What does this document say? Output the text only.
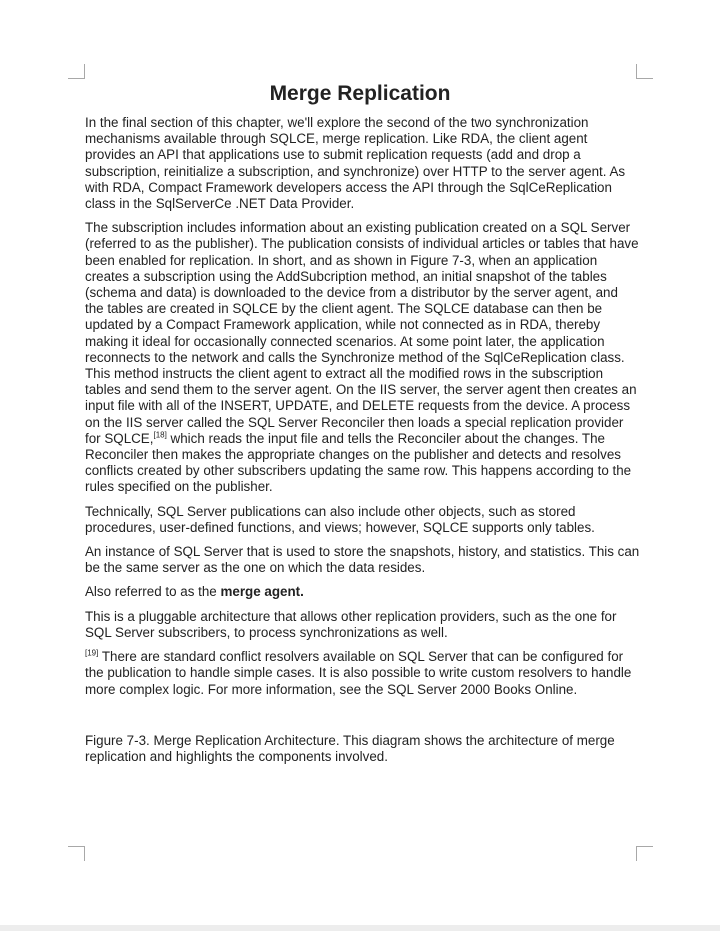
Merge Replication

In the final section of this chapter, we'll explore the second of the two synchronization mechanisms available through SQLCE, merge replication. Like RDA, the client agent provides an API that applications use to submit replication requests (add and drop a subscription, reinitialize a subscription, and synchronize) over HTTP to the server agent. As with RDA, Compact Framework developers access the API through the SqlCeReplication class in the SqlServerCe .NET Data Provider.

The subscription includes information about an existing publication created on a SQL Server (referred to as the publisher). The publication consists of individual articles or tables that have been enabled for replication. In short, and as shown in Figure 7-3, when an application creates a subscription using the AddSubcription method, an initial snapshot of the tables (schema and data) is downloaded to the device from a distributor by the server agent, and the tables are created in SQLCE by the client agent. The SQLCE database can then be updated by a Compact Framework application, while not connected as in RDA, thereby making it ideal for occasionally connected scenarios. At some point later, the application reconnects to the network and calls the Synchronize method of the SqlCeReplication class. This method instructs the client agent to extract all the modified rows in the subscription tables and send them to the server agent. On the IIS server, the server agent then creates an input file with all of the INSERT, UPDATE, and DELETE requests from the device. A process on the IIS server called the SQL Server Reconciler then loads a special replication provider for SQLCE,[18] which reads the input file and tells the Reconciler about the changes. The Reconciler then makes the appropriate changes on the publisher and detects and resolves conflicts created by other subscribers updating the same row. This happens according to the rules specified on the publisher.

Technically, SQL Server publications can also include other objects, such as stored procedures, user-defined functions, and views; however, SQLCE supports only tables.

An instance of SQL Server that is used to store the snapshots, history, and statistics. This can be the same server as the one on which the data resides.

Also referred to as the merge agent.

This is a pluggable architecture that allows other replication providers, such as the one for SQL Server subscribers, to process synchronizations as well.

[19] There are standard conflict resolvers available on SQL Server that can be configured for the publication to handle simple cases. It is also possible to write custom resolvers to handle more complex logic. For more information, see the SQL Server 2000 Books Online.

Figure 7-3. Merge Replication Architecture. This diagram shows the architecture of merge replication and highlights the components involved.
